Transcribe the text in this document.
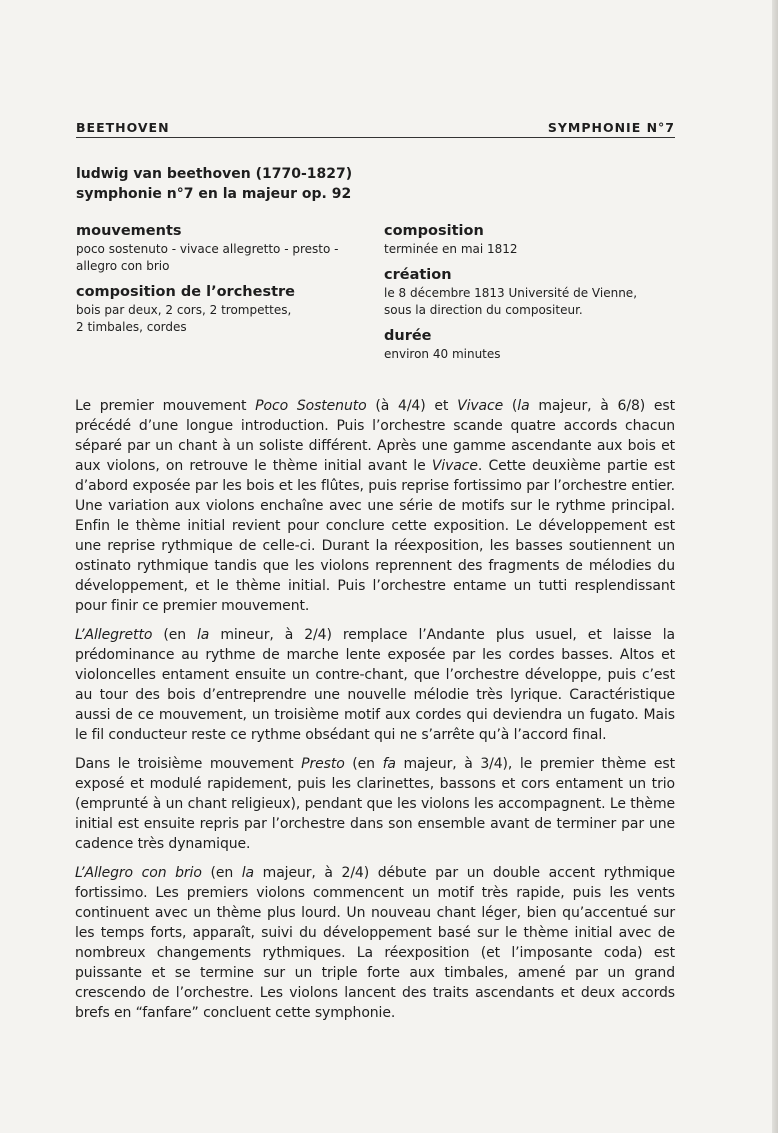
BEETHOVEN	SYMPHONIE N°7
ludwig van beethoven (1770-1827)
symphonie n°7 en la majeur op. 92
mouvements
poco sostenuto - vivace allegretto - presto -
allegro con brio
composition de l’orchestre
bois par deux, 2 cors, 2 trompettes,
2 timbales, cordes
composition
terminée en mai 1812
création
le 8 décembre 1813 Université de Vienne,
sous la direction du compositeur.
durée
environ 40 minutes

Le premier mouvement Poco Sostenuto (à 4/4) et Vivace (la majeur, à 6/8) est précédé d’une longue introduction. Puis l’orchestre scande quatre accords chacun séparé par un chant à un soliste différent. Après une gamme ascendante aux bois et aux violons, on retrouve le thème initial avant le Vivace. Cette deuxième partie est d’abord exposée par les bois et les flûtes, puis reprise fortissimo par l’orchestre entier. Une variation aux violons enchaîne avec une série de motifs sur le rythme principal. Enfin le thème initial revient pour conclure cette exposition. Le développement est une reprise rythmique de celle-ci. Durant la réexposition, les basses soutiennent un ostinato rythmique tandis que les violons reprennent des fragments de mélodies du développement, et le thème initial. Puis l’orchestre entame un tutti resplendissant pour finir ce premier mouvement.

L’Allegretto (en la mineur, à 2/4) remplace l’Andante plus usuel, et laisse la prédominance au rythme de marche lente exposée par les cordes basses. Altos et violoncelles entament ensuite un contre-chant, que l’orchestre développe, puis c’est au tour des bois d’entreprendre une nouvelle mélodie très lyrique. Caractéristique aussi de ce mouvement, un troisième motif aux cordes qui deviendra un fugato. Mais le fil conducteur reste ce rythme obsédant qui ne s’arrête qu’à l’accord final.

Dans le troisième mouvement Presto (en fa majeur, à 3/4), le premier thème est exposé et modulé rapidement, puis les clarinettes, bassons et cors entament un trio (emprunté à un chant religieux), pendant que les violons les accompagnent. Le thème initial est ensuite repris par l’orchestre dans son ensemble avant de terminer par une cadence très dynamique.

L’Allegro con brio (en la majeur, à 2/4) débute par un double accent rythmique fortissimo. Les premiers violons commencent un motif très rapide, puis les vents continuent avec un thème plus lourd. Un nouveau chant léger, bien qu’accentué sur les temps forts, apparaît, suivi du développement basé sur le thème initial avec de nombreux changements rythmiques. La réexposition (et l’imposante coda) est puissante et se termine sur un triple forte aux timbales, amené par un grand crescendo de l’orchestre. Les violons lancent des traits ascendants et deux accords brefs en “fanfare” concluent cette symphonie.
